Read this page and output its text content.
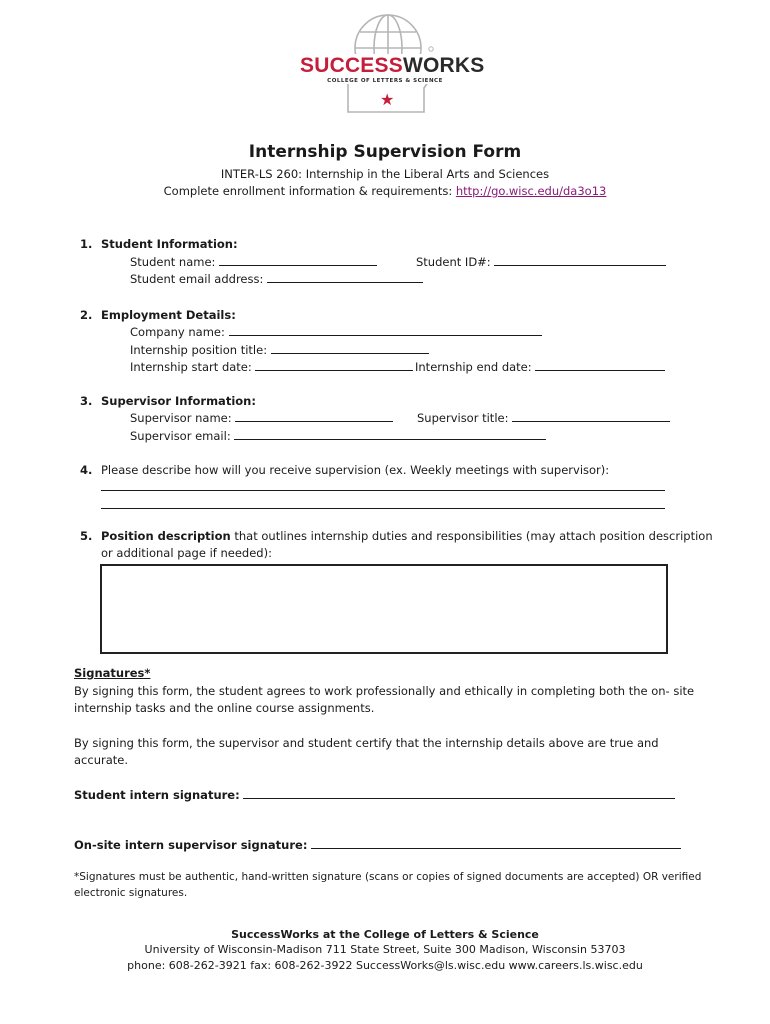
SUCCESSWORKS
COLLEGE OF LETTERS & SCIENCE
★
Internship Supervision Form
INTER-LS 260: Internship in the Liberal Arts and Sciences
Complete enrollment information & requirements: http://go.wisc.edu/da3o13
1. Student Information:
Student name:	Student ID#:
Student email address:
2. Employment Details:
Company name:
Internship position title:
Internship start date:	Internship end date:
3. Supervisor Information:
Supervisor name:	Supervisor title:
Supervisor email:
4. Please describe how will you receive supervision (ex. Weekly meetings with supervisor):
5. Position description that outlines internship duties and responsibilities (may attach position description
or additional page if needed):
Signatures*
By signing this form, the student agrees to work professionally and ethically in completing both the on- site
internship tasks and the online course assignments.
By signing this form, the supervisor and student certify that the internship details above are true and
accurate.
Student intern signature:
On-site intern supervisor signature:
*Signatures must be authentic, hand-written signature (scans or copies of signed documents are accepted) OR verified
electronic signatures.
SuccessWorks at the College of Letters & Science
University of Wisconsin-Madison 711 State Street, Suite 300 Madison, Wisconsin 53703
phone: 608-262-3921 fax: 608-262-3922 SuccessWorks@ls.wisc.edu www.careers.ls.wisc.edu
